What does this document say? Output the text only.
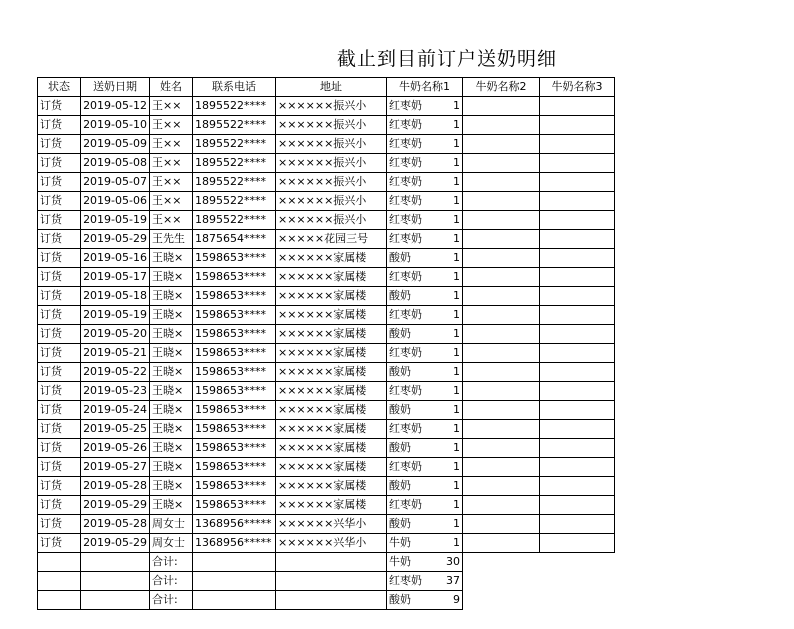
截止到目前订户送奶明细
状态	送奶日期	姓名	联系电话	地址	牛奶名称1	牛奶名称2	牛奶名称3
订货	2019-05-12	王××	1895522****	××××××振兴小	红枣奶 1		

订货	2019-05-10	王××	1895522****	××××××振兴小	红枣奶 1		

订货	2019-05-09	王××	1895522****	××××××振兴小	红枣奶 1		

订货	2019-05-08	王××	1895522****	××××××振兴小	红枣奶 1		

订货	2019-05-07	王××	1895522****	××××××振兴小	红枣奶 1		

订货	2019-05-06	王××	1895522****	××××××振兴小	红枣奶 1		

订货	2019-05-19	王××	1895522****	××××××振兴小	红枣奶 1		

订货	2019-05-29	王先生	1875654****	×××××花园三号	红枣奶 1		

订货	2019-05-16	王晓×	1598653****	××××××家属楼	酸奶 1		

订货	2019-05-17	王晓×	1598653****	××××××家属楼	红枣奶 1		

订货	2019-05-18	王晓×	1598653****	××××××家属楼	酸奶 1		

订货	2019-05-19	王晓×	1598653****	××××××家属楼	红枣奶 1		

订货	2019-05-20	王晓×	1598653****	××××××家属楼	酸奶 1		

订货	2019-05-21	王晓×	1598653****	××××××家属楼	红枣奶 1		

订货	2019-05-22	王晓×	1598653****	××××××家属楼	酸奶 1		

订货	2019-05-23	王晓×	1598653****	××××××家属楼	红枣奶 1		

订货	2019-05-24	王晓×	1598653****	××××××家属楼	酸奶 1		

订货	2019-05-25	王晓×	1598653****	××××××家属楼	红枣奶 1		

订货	2019-05-26	王晓×	1598653****	××××××家属楼	酸奶 1		

订货	2019-05-27	王晓×	1598653****	××××××家属楼	红枣奶 1		

订货	2019-05-28	王晓×	1598653****	××××××家属楼	酸奶 1		

订货	2019-05-29	王晓×	1598653****	××××××家属楼	红枣奶 1		

订货	2019-05-28	周女士	1368956*****	××××××兴华小	酸奶 1		

订货	2019-05-29	周女士	1368956*****	××××××兴华小	牛奶 1		

		合计:			牛奶 30		

		合计:			红枣奶 37		

		合计:			酸奶 9		
